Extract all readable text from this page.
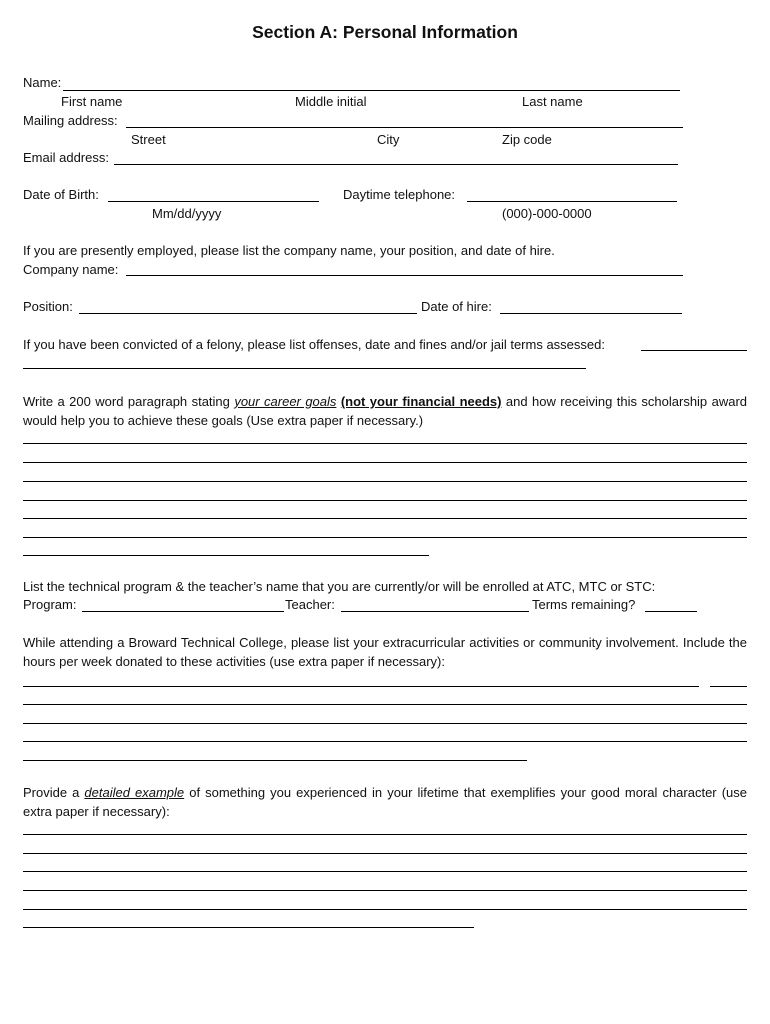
Section A: Personal Information
Name:
First name	Middle initial	Last name
Mailing address:
Street	City	Zip code
Email address:
Date of Birth:	Daytime telephone:
Mm/dd/yyyy	(000)-000-0000
If you are presently employed, please list the company name, your position, and date of hire.
Company name:
Position:	Date of hire:
If you have been convicted of a felony, please list offenses, date and fines and/or jail terms assessed:
Write a 200 word paragraph stating your career goals (not your financial needs) and how receiving this scholarship award would help you to achieve these goals (Use extra paper if necessary.)
List the technical program & the teacher’s name that you are currently/or will be enrolled at ATC, MTC or STC:
Program:	Teacher:	Terms remaining?
While attending a Broward Technical College, please list your extracurricular activities or community involvement. Include the hours per week donated to these activities (use extra paper if necessary):
Provide a detailed example of something you experienced in your lifetime that exemplifies your good moral character (use extra paper if necessary):
